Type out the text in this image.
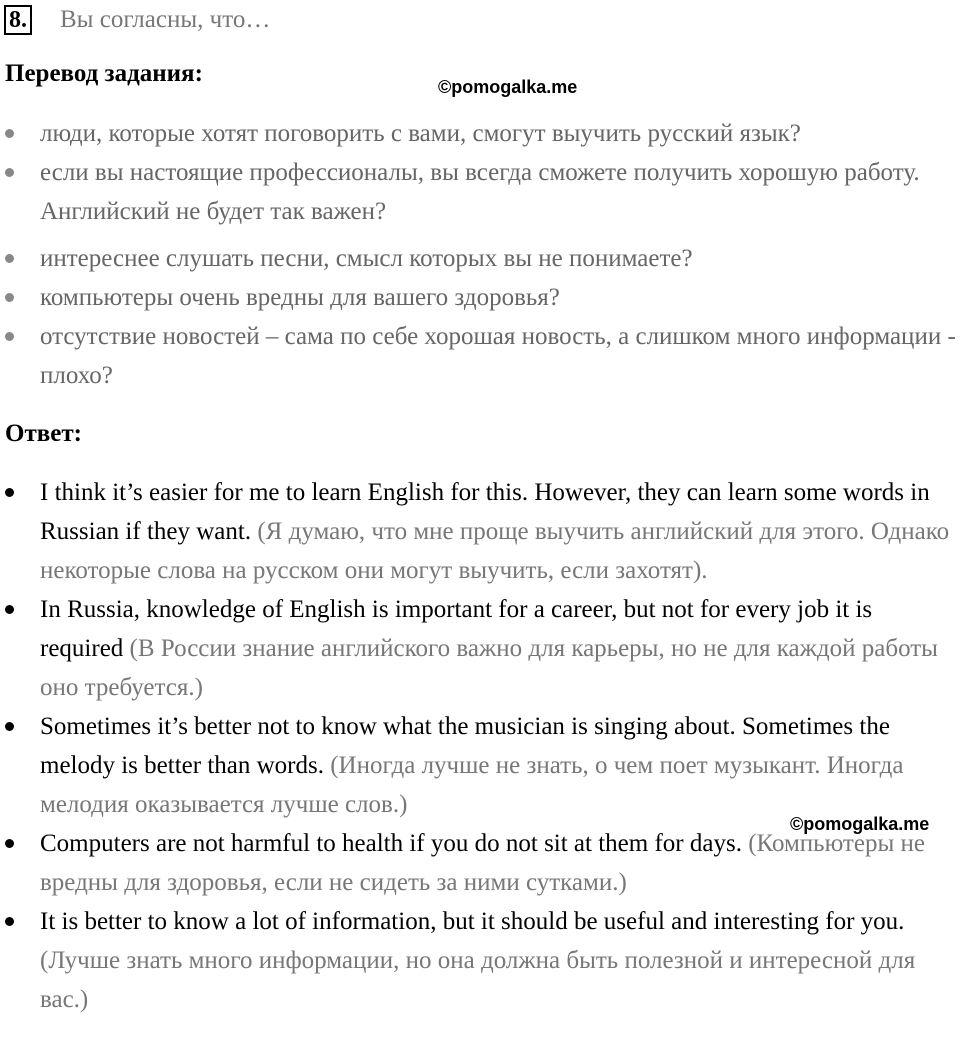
8. Вы согласны, что…
Перевод задания:	©pomogalka.me
люди, которые хотят поговорить с вами, смогут выучить русский язык?
если вы настоящие профессионалы, вы всегда сможете получить хорошую работу. Английский не будет так важен?
интереснее слушать песни, смысл которых вы не понимаете?
компьютеры очень вредны для вашего здоровья?
отсутствие новостей – сама по себе хорошая новость, а слишком много информации - плохо?
Ответ:
I think it’s easier for me to learn English for this. However, they can learn some words in Russian if they want. (Я думаю, что мне проще выучить английский для этого. Однако некоторые слова на русском они могут выучить, если захотят).
In Russia, knowledge of English is important for a career, but not for every job it is required (В России знание английского важно для карьеры, но не для каждой работы оно требуется.)
Sometimes it’s better not to know what the musician is singing about. Sometimes the melody is better than words. (Иногда лучше не знать, о чем поет музыкант. Иногда мелодия оказывается лучше слов.)
Computers are not harmful to health if you do not sit at them for days. (Компьютеры не вредны для здоровья, если не сидеть за ними сутками.)
It is better to know a lot of information, but it should be useful and interesting for you. (Лучше знать много информации, но она должна быть полезной и интересной для вас.)
©pomogalka.me
